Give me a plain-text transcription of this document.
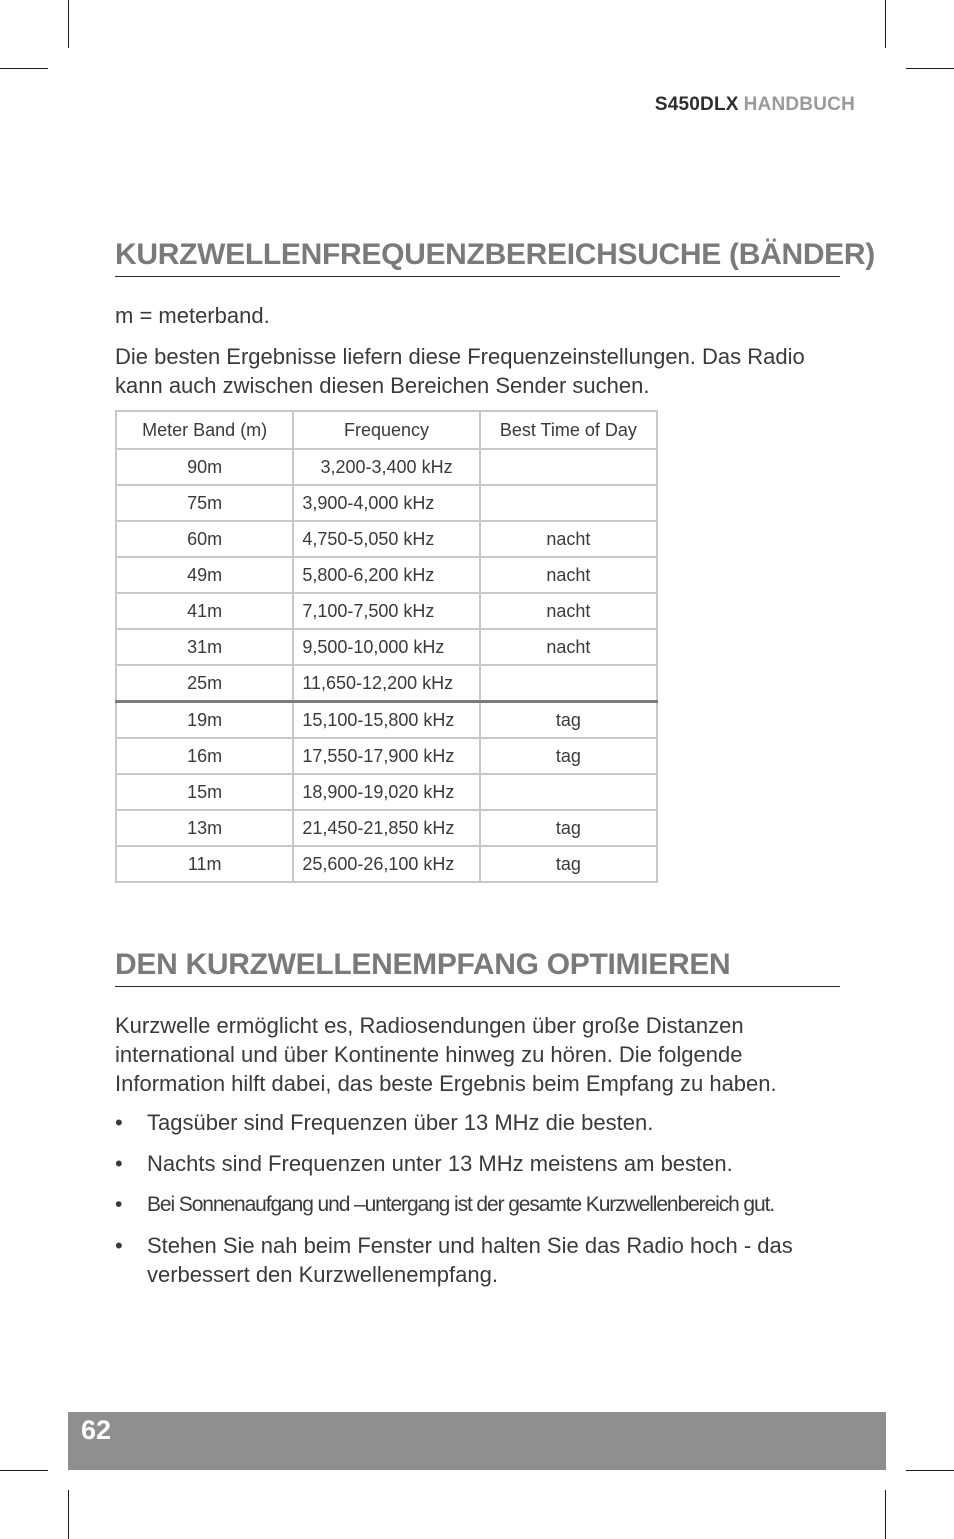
S450DLX HANDBUCH
KURZWELLENFREQUENZBEREICHSUCHE (BÄNDER)
m = meterband.
Die besten Ergebnisse liefern diese Frequenzeinstellungen. Das Radio kann auch zwischen diesen Bereichen Sender suchen.
Meter Band (m)	Frequency	Best Time of Day
90m	3,200-3,400 kHz	
75m	3,900-4,000 kHz	
60m	4,750-5,050 kHz	nacht
49m	5,800-6,200 kHz	nacht
41m	7,100-7,500 kHz	nacht
31m	9,500-10,000 kHz	nacht
25m	11,650-12,200 kHz	
19m	15,100-15,800 kHz	tag
16m	17,550-17,900 kHz	tag
15m	18,900-19,020 kHz	
13m	21,450-21,850 kHz	tag
11m	25,600-26,100 kHz	tag
DEN KURZWELLENEMPFANG OPTIMIEREN
Kurzwelle ermöglicht es, Radiosendungen über große Distanzen international und über Kontinente hinweg zu hören. Die folgende Information hilft dabei, das beste Ergebnis beim Empfang zu haben.
• Tagsüber sind Frequenzen über 13 MHz die besten.
• Nachts sind Frequenzen unter 13 MHz meistens am besten.
• Bei Sonnenaufgang und –untergang ist der gesamte Kurzwellenbereich gut.
• Stehen Sie nah beim Fenster und halten Sie das Radio hoch - das verbessert den Kurzwellenempfang.
62
